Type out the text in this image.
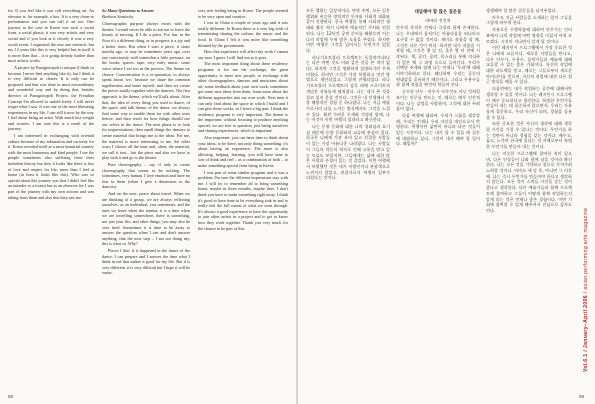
58

for. If you feel like it you call everything art. An elevator is, for example, a box. It is a very clean-to performance and you can call it art too. One journey to the case in Korea was such a social form, a social phasis, it was very artistic and very social and if you look at it closely it was a very social event. I organized the tour one research, but my 12 years like this is very helpful but in itself it is more than that – it is going already further than most artistic works.

A project by Panagiotopoli is unique (I think so because I never find anything like it), but I think it is very difficult to clearer. It is only can be proposed and that was done in most extraordinary and wonderful way and by doing that, besides director of Panagiotopoli Project, the Freudian Concept I'm allowed to unfold freely. I will never forget what I saw. It was one of the most liberating experiences in my life. I can still it now by the way I feel about being an artist. With much less weight and worries. I am sure this is a result of the journey.

I am interested in exchanging with oriental culture because of my admiration and curiosity for it. Korea revealed itself as a most beautiful country with the most humorous and kind people. I see the people sometimes also suffering from their turbulent history but they it looks like there is lots of love and respect for life, more than I feel at home (at least it looks like this). Who was so special about this journey was that I didn't feel like an intruder or a tourist but as an observer for I was part of the journey with my own actions and was taking from them and also that they saw me.

So Many Questions to Answer
Barbara Sinzinchy

Choreographic purpose always exists with the theater, I would never be able to ask me to leave the beauty of moving. If I do a piece. For fun, in the floor it's a different thing, or in progress is a joy and a better form. But when I start a piece, it starts months ago, or may be sometimes years ago, over one consciously with somewhat a little pressure, on the books, spaces, tape, very early music, some voice where I see too in the process. The theme we choose. Concentration is a re-quotation, to always speak about 'we,' because we share the common togetherness and inner myself, and then we create the pieces totally together with the dancers. The first approach is the theme, which we'll talk about. After that, the idea of every thing you used to dance, of the space, and talk theme, of the dance, we always find some way to enable them for with other texts before, and then reach for how things should use our selves in the dance. The next phase is to look for improvisations, then small things the dancers to create material that brings me to the ideas. For me, the material is more interesting to me, the other ways I choose all the time and, often, the material, we call it text... but the piece and also we have to play with it and go to the theatre.

Pure choreography – say, if only to create choreography that seems to be nothing. The sometimes, very human. I love emotion and have no fear to them (when I give a dimension to the dancers).

And on the next: peace about travel. When we are thinking of a group, we are always reflecting ourselves, as an individual, you sometimes, and the ones we leave when the trauma, it is a time when we are travelling somewhere, there is something, not just your life, and other things, you may also be very tired. Sometimes it is time to be away to answer the question when I can and don't answer anything, that the next step – I am not doing my, this is what so. Why?

Pieces I like: if it happened in the future of the dance: I can prepare and I answer the time what I think in me that makes it good for my life. But it is very different, it is very difficult but I hope it will be easier.

very rich feeling being in Korea. The people seemed to be very open and creative.

I was in China a couple of years ago and it was totally different. In Korea there is a very big wish of transmitting sharing the culture, the music and the food. In China I felt it was more like something dictated by the government.

How this experience will affect my work I cannot say now. I guess I will find out as it goes.

The most important thing about these residency programs is for me the exchange, the great opportunity to meet new people, to exchange with other choreographers, dancers and musicians about art, some feedback about your own work, sometimes get some new ideas from them, learn more about the different approaches into my own work. Next time it can only find about the space in which I build and I can give those works, so I leave a big part. I think the residency program is very important. The theme is the important: without focusing to produce anything special, we are free to question, just being ourselves and sharing experiences, which is important.

Also important: you can have time to think about your ideas, to be there, not only doing something, it's about having an experience. The more is also allowing, helping, learning, you will have time to sort of think and feel – as a combination of both – to make something special from being in Korea.

I was part of some similar program and it was a problem: I'm sure the different impressions stay with me. I will try to remember all to bring something home, maybe in three months, maybe later. I don't think you have to make something right away. I think it's good to have time to let everything sink in and to really feel the full extent of what we went through. It's always a good experience to have the opportunity to join other artists in a project and to get to know how they work together. Thank you very much for the chance to be part of this.

모든 행위는 일상적이다. 만약 주변, 모든 길은 행위와 비슷한 정치적인 투자와 사회적 대화와 같이 진행된다. 한국 여행을 통해 사회적인 형태와 활동 역시 나에게 예술적인 가치와 연결된다. 나는 12년간 공연 준비를 해왔으며 이는 나의 작업에 무척 많은 도움을 주었다. 하지만 이번 여행은 그것을 넘어서는 무언가가 있었다.

파나기오토폴리 프로젝트는 독창적이다(나는 다른 어떤 것도 이와 같은 것을 본 적이 없다). 하지만 그것을 명확하게 설명하기란 무척 어렵다. 하지만 그것은 가장 특별하고 멋진 방법으로 제안되었고, 그렇게 진행되었다. 파나기오토폴리 프로젝트의 감독 외에 프로이트적 개념은 자유롭게 펼쳐졌다. 나는 내가 본 것을 결코 잊지 못할 것이다. 그것은 내 인생에서 가장 해방적인 경험 중 하나였다. 나는 지금 예술가로서의 나를 느끼는 방식에서도 그것을 느낄 수 있다. 훨씬 가벼운 무게와 걱정과 함께, 나는 이것이 이번 여행의 결과라고 확신한다.

나는 동양 문화에 대한 나의 경외심과 호기심 때문에 동양 문화와의 교류에 관심이 있다. 한국은 나에게 가장 유머 있고 친절한 사람들이 있는 가장 아름다운 나라였다. 나는 사람들이 그들의 격동의 역사로 인해 고통을 받고 있는 모습도 보았지만, 그들에게는 삶에 대한 많은 사랑과 존경이 있는 것 같았다. 이번 여행에서 특별했던 것은 내가 이방인이나 관광객으로 느껴지지 않았고, 관찰자로서 여행의 일부가 되었다는 것이다.

대답해야 할 많은 질문들
바바라 진진치

안무적 목적은 언제나 극장과 함께 존재한다. 나는 무대에서 움직이는 아름다움을 떠나라고 요구할 수 없을 것이다. 재미로 작품을 할 때, 그것은 다른 것이 된다. 하지만 내가 작품을 시작할 때, 그것은 몇 달 전, 혹은 몇 년 전에 시작된다. 책, 공간, 음악, 목소리를 통해 의식하지 않은 채 그 과정 속으로 들어간다. 우리가 선택한 주제와 함께 나는 언제나 '우리'에 대해 이야기하려고 한다. 왜냐하면 우리는 공동의 연대감을 공유하기 때문이다. 그리고 무용수들과 함께 작품을 완전히 만들어 간다.

순수한 안무 - 안무가 아무것도 아닌 것처럼 보이는 안무를 만드는 것. 때로는 매우 인간적이다. 나는 감정을 사랑하며, 그것에 대한 두려움이 없다.

다음 여행에 대하여. 우리가 그룹을 생각할 때, 우리는 언제나 우리 자신을 개인으로서 반영한다. 여행이란 삶만이 아니라 다른 것들이 있는 시간이다. 나는 내가 할 수 있을 때 질문에 대답하고 싶다. 그것이 내가 해야 할 일이다. 왜일까?

생생해야 할 많은 질문들을 남겨주었다.

아무도 지금 사람들을 소개하는 일이 그들을 그렇게 바꾸게 한다.

자유로운 수행작품에 대하여 안무가는 인터뷰에서 나의 작업에 어떤 영향을 미칠지 아직 모르겠다. 시간이 지나면서 알게 될 것이다.

이런 레지던시 프로그램에서 가장 중요한 것은 나에게 교류이다. 새로운 사람들을 만나고, 다른 안무가, 무용수, 음악가들과 예술에 대해 교류할 수 있는 좋은 기회이다. 자신의 작업에 대한 피드백을 얻고, 때로는 그들로부터 새로운 아이디어를 얻으며, 자신의 작업에 대한 다른 접근 방식을 배울 수 있다.

다음번에는 내가 작업하는 공간에 대해서만 생각할 수 있을 것이다. 나는 레지던시 프로그램이 매우 중요하다고 생각한다. 특별한 무언가를 만들어 내는 데 집중하지 않으면서, 우리는 자유롭게 질문하고, 우리 자신이 되며, 경험을 공유할 수 있다.

또한 중요한 것은 자신의 생각에 대해 생각할 시간을 가질 수 있다는 것이다. 무언가를 하는 것만이 아니라 경험을 갖는 것이다. 배우고, 돕고, 느끼며 한국에 있다는 것 자체로부터 특별한 무언가를 만들어 내는 것이다.

나는 비슷한 프로그램에 참여한 적이 있으며, 다른 인상들이 나와 함께 남을 것이라 확신한다. 나는 모든 것을 기억하고 집으로 가져가려 노력할 것이다. 아마도 세 달 후, 아니면 그 이후에. 나는 즉시 무언가를 만들어야 한다고 생각하지 않는다. 모든 것이 스며들 시간을 갖는 것이 좋다고 생각한다. 다른 예술가들과 함께 프로젝트에 참여하고 그들이 어떻게 함께 작업하는지 알게 되는 것은 언제나 좋은 경험이다. 이번 기회에 참여할 수 있게 해주셔서 진심으로 감사드린다.

Vol.6.1 / January–April 2006 / asian performing arts magazine
59
